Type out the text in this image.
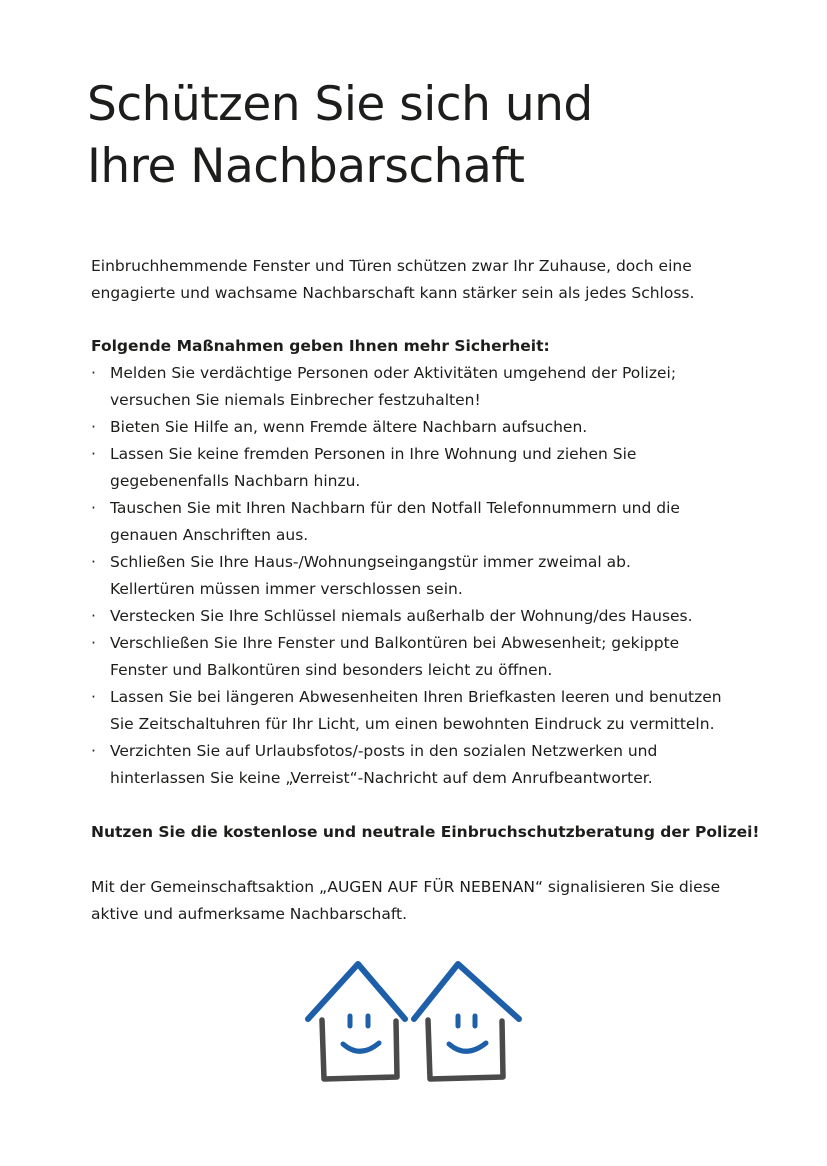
Schützen Sie sich und
Ihre Nachbarschaft

Einbruchhemmende Fenster und Türen schützen zwar Ihr Zuhause, doch eine
engagierte und wachsame Nachbarschaft kann stärker sein als jedes Schloss.

Folgende Maßnahmen geben Ihnen mehr Sicherheit:

· Melden Sie verdächtige Personen oder Aktivitäten umgehend der Polizei;
versuchen Sie niemals Einbrecher festzuhalten!
· Bieten Sie Hilfe an, wenn Fremde ältere Nachbarn aufsuchen.
· Lassen Sie keine fremden Personen in Ihre Wohnung und ziehen Sie
gegebenenfalls Nachbarn hinzu.
· Tauschen Sie mit Ihren Nachbarn für den Notfall Telefonnummern und die
genauen Anschriften aus.
· Schließen Sie Ihre Haus-/Wohnungseingangstür immer zweimal ab.
Kellertüren müssen immer verschlossen sein.
· Verstecken Sie Ihre Schlüssel niemals außerhalb der Wohnung/des Hauses.
· Verschließen Sie Ihre Fenster und Balkontüren bei Abwesenheit; gekippte
Fenster und Balkontüren sind besonders leicht zu öffnen.
· Lassen Sie bei längeren Abwesenheiten Ihren Briefkasten leeren und benutzen
Sie Zeitschaltuhren für Ihr Licht, um einen bewohnten Eindruck zu vermitteln.
· Verzichten Sie auf Urlaubsfotos/-posts in den sozialen Netzwerken und
hinterlassen Sie keine „Verreist“-Nachricht auf dem Anrufbeantworter.

Nutzen Sie die kostenlose und neutrale Einbruchschutzberatung der Polizei!

Mit der Gemeinschaftsaktion „AUGEN AUF FÜR NEBENAN“ signalisieren Sie diese
aktive und aufmerksame Nachbarschaft.
